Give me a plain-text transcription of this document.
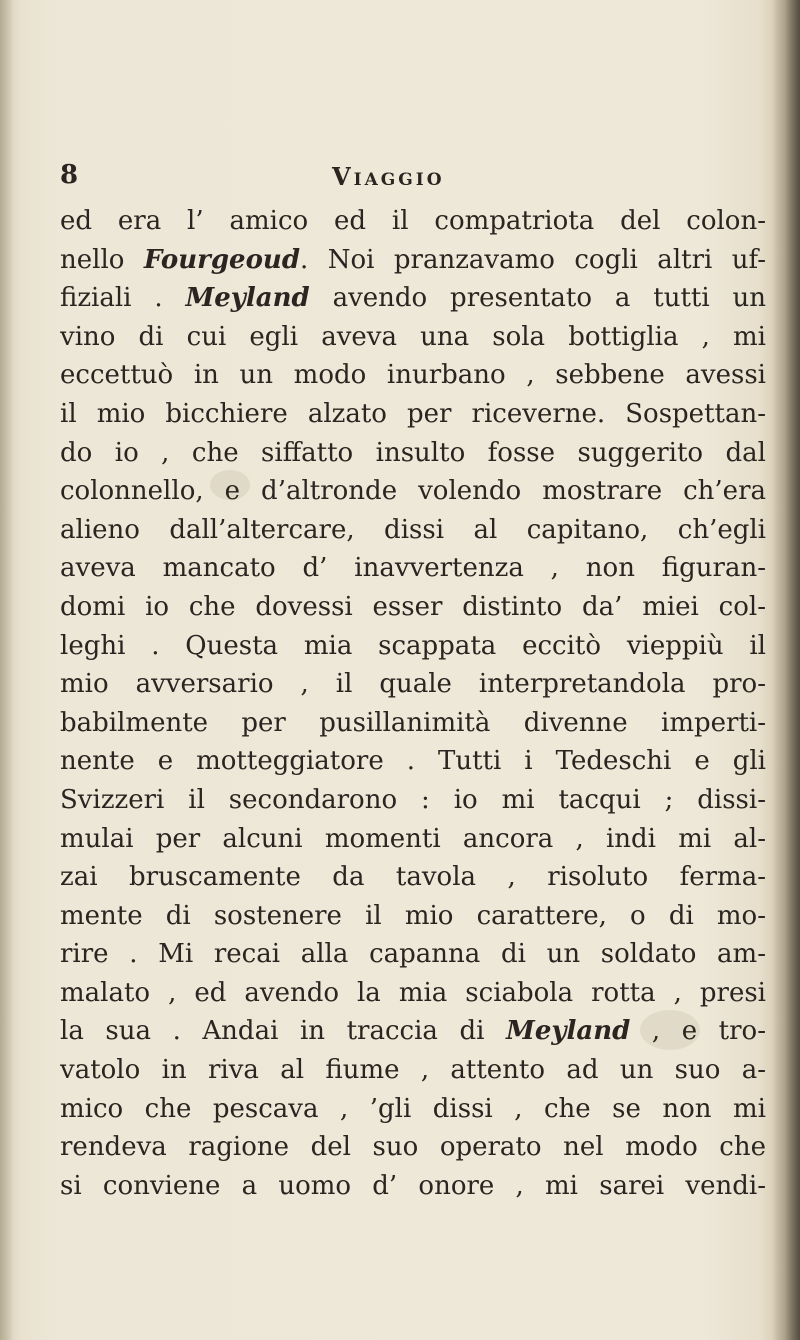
8	Viaggio
ed era l’ amico ed il compatriota del colon-
nello Fourgeoud. Noi pranzavamo cogli altri uf-
fiziali . Meyland avendo presentato a tutti un
vino di cui egli aveva una sola bottiglia , mi
eccettuò in un modo inurbano , sebbene avessi
il mio bicchiere alzato per riceverne. Sospettan-
do io , che siffatto insulto fosse suggerito dal
colonnello, e d’altronde volendo mostrare ch’era
alieno dall’altercare, dissi al capitano, ch’egli
aveva mancato d’ inavvertenza , non figuran-
domi io che dovessi esser distinto da’ miei col-
leghi . Questa mia scappata eccitò vieppiù il
mio avversario , il quale interpretandola pro-
babilmente per pusillanimità divenne imperti-
nente e motteggiatore . Tutti i Tedeschi e gli
Svizzeri il secondarono : io mi tacqui ; dissi-
mulai per alcuni momenti ancora , indi mi al-
zai bruscamente da tavola , risoluto ferma-
mente di sostenere il mio carattere, o di mo-
rire . Mi recai alla capanna di un soldato am-
malato , ed avendo la mia sciabola rotta , presi
la sua . Andai in traccia di Meyland , e tro-
vatolo in riva al fiume , attento ad un suo a-
mico che pescava , ’gli dissi , che se non mi
rendeva ragione del suo operato nel modo che
si conviene a uomo d’ onore , mi sarei vendi-
